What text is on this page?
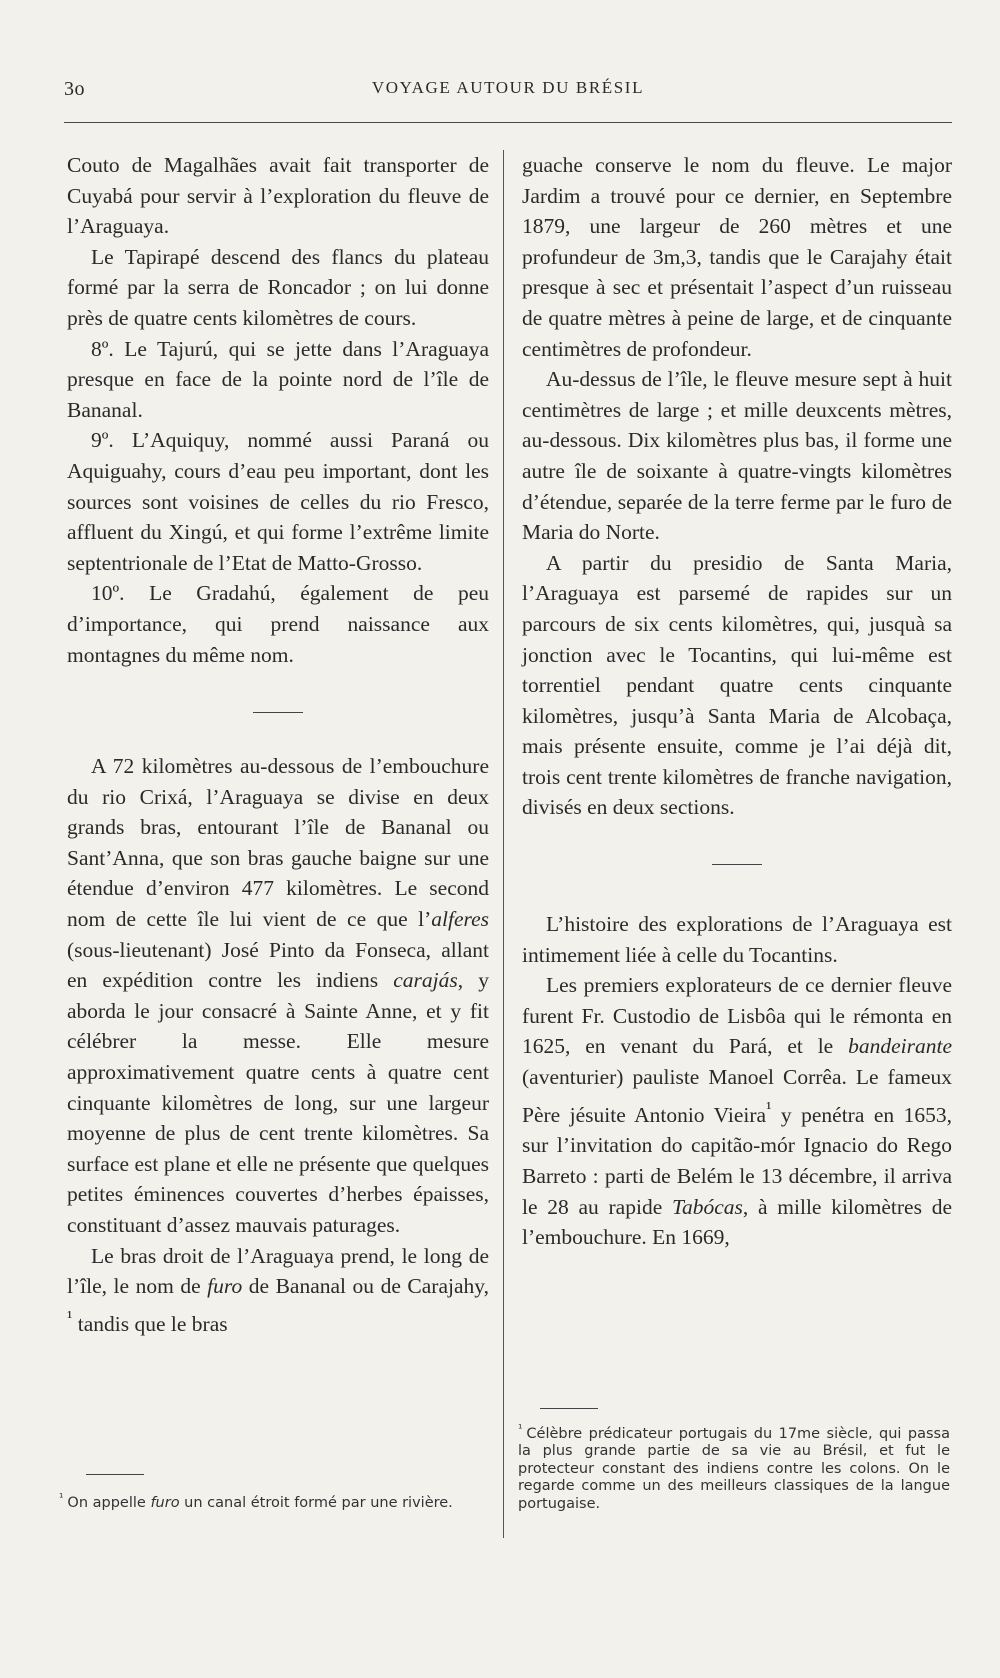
3o	VOYAGE AUTOUR DU BRÉSIL

Couto de Magalhães avait fait transporter de Cuyabá pour servir à l’exploration du fleuve de l’Araguaya.

Le Tapirapé descend des flancs du plateau formé par la serra de Roncador ; on lui donne près de quatre cents kilomètres de cours.

8º. Le Tajurú, qui se jette dans l’Araguaya presque en face de la pointe nord de l’île de Bananal.

9º. L’Aquiquy, nommé aussi Paraná ou Aquiguahy, cours d’eau peu important, dont les sources sont voisines de celles du rio Fresco, affluent du Xingú, et qui forme l’extrême limite septentrionale de l’Etat de Matto-Grosso.

10º. Le Gradahú, également de peu d’importance, qui prend naissance aux montagnes du même nom.

A 72 kilomètres au-dessous de l’embouchure du rio Crixá, l’Araguaya se divise en deux grands bras, entourant l’île de Bananal ou Sant’Anna, que son bras gauche baigne sur une étendue d’environ 477 kilomètres. Le second nom de cette île lui vient de ce que l’alferes (sous-lieutenant) José Pinto da Fonseca, allant en expédition contre les indiens carajás, y aborda le jour consacré à Sainte Anne, et y fit célébrer la messe. Elle mesure approximativement quatre cents à quatre cent cinquante kilomètres de long, sur une largeur moyenne de plus de cent trente kilomètres. Sa surface est plane et elle ne présente que quelques petites éminences couvertes d’herbes épaisses, constituant d’assez mauvais paturages.

Le bras droit de l’Araguaya prend, le long de l’île, le nom de furo de Bananal ou de Carajahy, $^{^1}$ tandis que le bras

guache conserve le nom du fleuve. Le major Jardim a trouvé pour ce dernier, en Septembre 1879, une largeur de 260 mètres et une profundeur de 3m,3, tandis que le Carajahy était presque à sec et présentait l’aspect d’un ruisseau de quatre mètres à peine de large, et de cinquante centimètres de profondeur.

Au-dessus de l’île, le fleuve mesure sept à huit centimètres de large ; et mille deuxcents mètres, au-dessous. Dix kilomètres plus bas, il forme une autre île de soixante à quatre-vingts kilomètres d’étendue, separée de la terre ferme par le furo de Maria do Norte.

A partir du presidio de Santa Maria, l’Araguaya est parsemé de rapides sur un parcours de six cents kilomètres, qui, jusquà sa jonction avec le Tocantins, qui lui-même est torrentiel pendant quatre cents cinquante kilomètres, jusqu’à Santa Maria de Alcobaça, mais présente ensuite, comme je l’ai déjà dit, trois cent trente kilomètres de franche navigation, divisés en deux sections.

L’histoire des explorations de l’Araguaya est intimement liée à celle du Tocantins.

Les premiers explorateurs de ce dernier fleuve furent Fr. Custodio de Lisbôa qui le rémonta en 1625, en venant du Pará, et le bandeirante (aventurier) pauliste Manoel Corrêa. Le fameux Père jésuite Antonio Vieira$^{^1}$ y penétra en 1653, sur l’invitation do capitão-mór Ignacio do Rego Barreto : parti de Belém le 13 décembre, il arriva le 28 au rapide Tabócas, à mille kilomètres de l’embouchure. En 1669,

$^{^1}$ On appelle furo un canal étroit formé par une rivière.
$^{^1}$ Célèbre prédicateur portugais du 17me siècle, qui passa la plus grande partie de sa vie au Brésil, et fut le protecteur constant des indiens contre les colons. On le regarde comme un des meilleurs classiques de la langue portugaise.
